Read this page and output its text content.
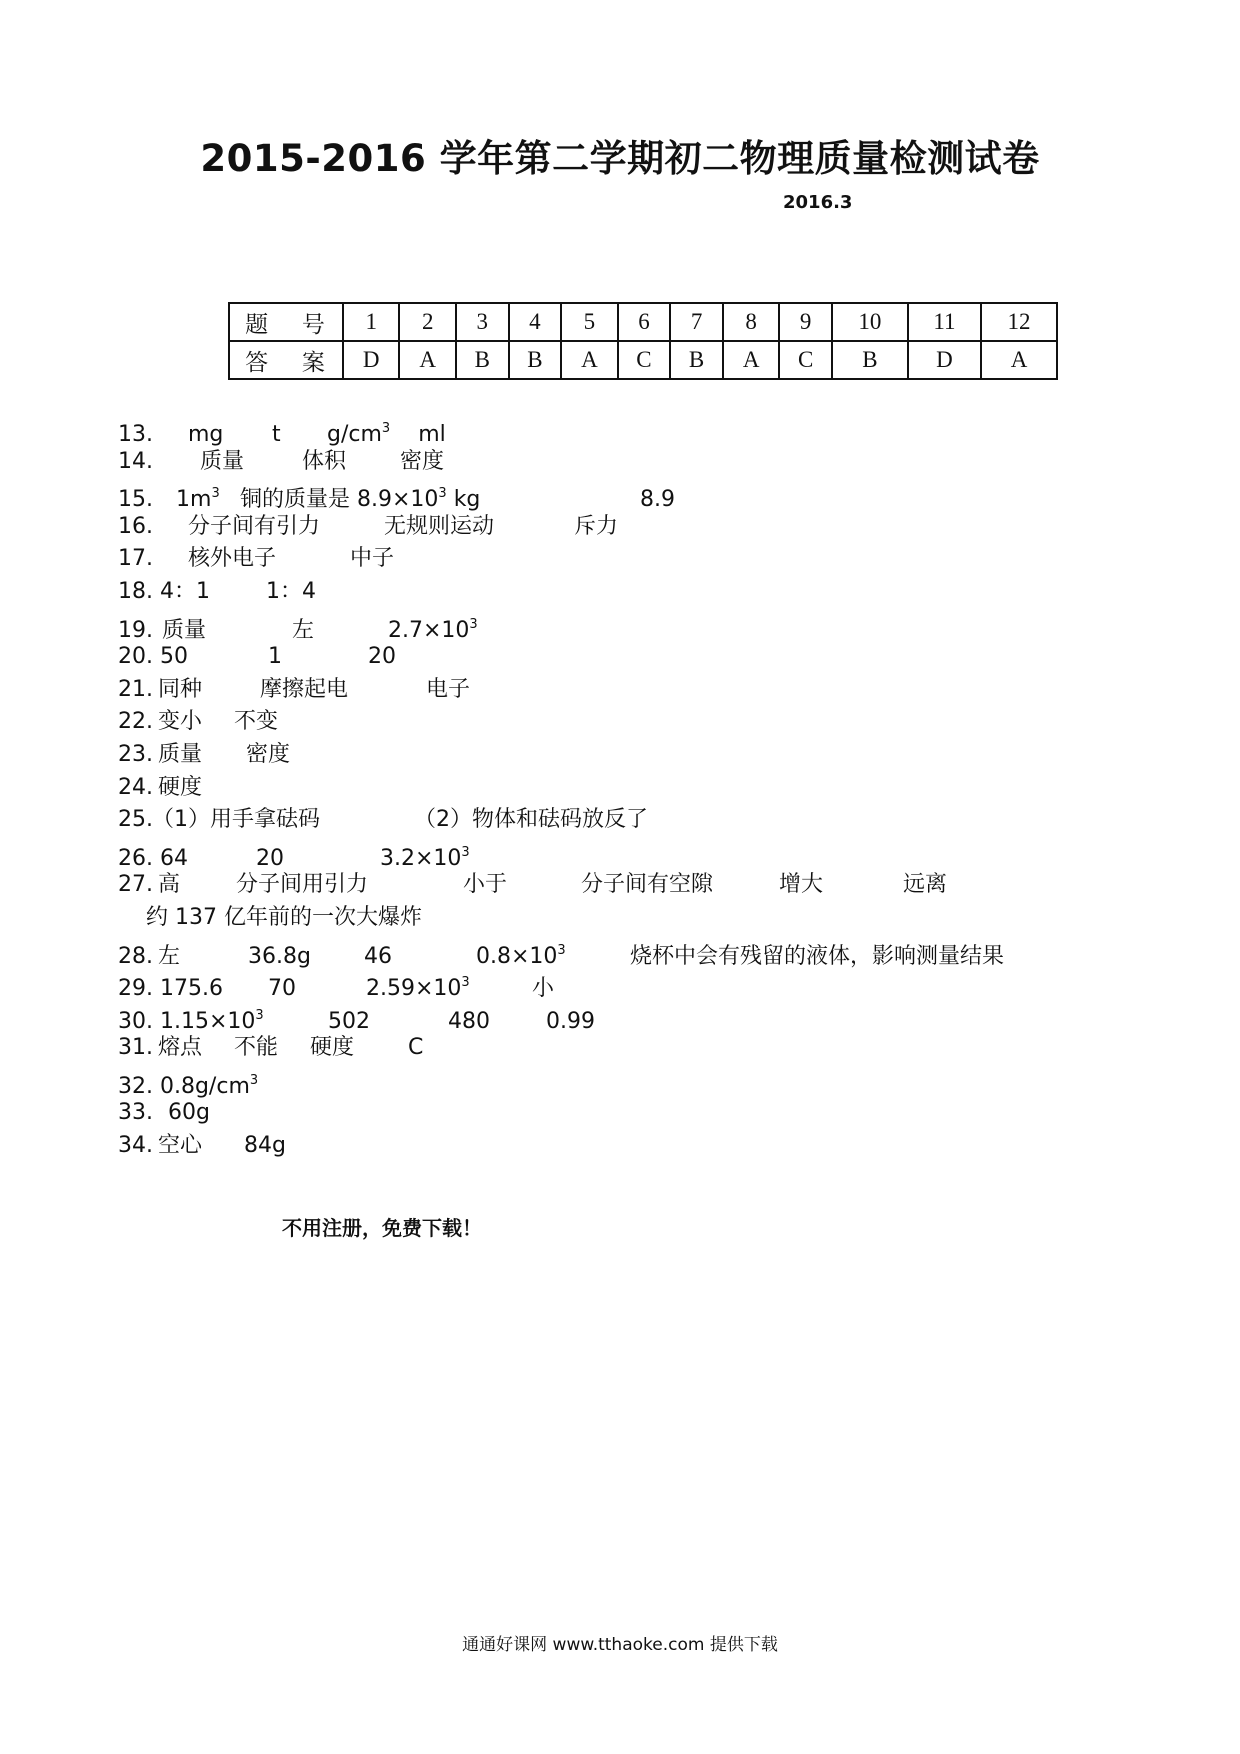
2015-2016 学年第二学期初二物理质量检测试卷
2016.3
题 号	1	2	3	4	5	6	7	8	9	10	11	12
答 案	D	A	B	B	A	C	B	A	C	B	D	A
13. mg t $g/cm^3$ ml
14. 质量	体积 密度
15. $1m^3$ 铜的质量是 $8.9\times 10^3$ kg	8.9
16. 分子间有引力	无规则运动	斥力
17. 核外电子	中子
18. 4：1	1：4
19. 质量	左	$2.7\times 10^3$
20. 50	1	20
21. 同种	摩擦起电	电子
22. 变小 不变
23. 质量 密度
24. 硬度
25.（1）用手拿砝码	（2）物体和砝码放反了
26. 64	20	$3.2\times 10^3$
27. 高	分子间用引力	小于	分子间有空隙	增大	远离
约 137 亿年前的一次大爆炸
28. 左	36.8g 46	$0.8\times 10^3$	烧杯中会有残留的液体，影响测量结果
29. 175.6 70	$2.59\times 10^3$	小
30. $1.15\times 10^3$	502	480	0.99
31. 熔点 不能 硬度 C
32. $0.8g/cm^3$
33. 60g
34. 空心 84g
不用注册，免费下载！
通通好课网 www.tthaoke.com 提供下载
